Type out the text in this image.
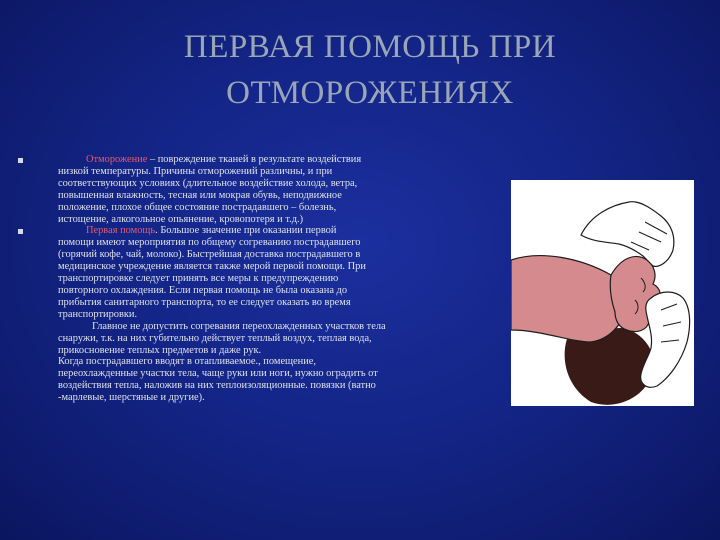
ПЕРВАЯ ПОМОЩЬ ПРИ
ОТМОРОЖЕНИЯХ
Отморожение – повреждение тканей в результате воздействия
низкой температуры. Причины отморожений различны, и при
соответствующих условиях (длительное воздействие холода, ветра,
повышенная влажность, тесная или мокрая обувь, неподвижное
положение, плохое общее состояние пострадавшего – болезнь,
истощение, алкогольное опьянение, кровопотеря и т.д.)
Первая помощь. Большое значение при оказании первой
помощи имеют мероприятия по общему согреванию пострадавшего
(горячий кофе, чай, молоко). Быстрейшая доставка пострадавшего в
медицинское учреждение является также мерой первой помощи. При
транспортировке следует принять все меры к предупреждению
повторного охлаждения. Если первая помощь не была оказана до
прибытия санитарного транспорта, то ее следует оказать во время
транспортировки.
Главное не допустить согревания переохлажденных участков тела
снаружи, т.к. на них губительно действует теплый воздух, теплая вода,
прикосновение теплых предметов и даже рук.
Когда пострадавшего вводят в отапливаемое., помещение,
переохлажденные участки тела, чаще руки или ноги, нужно оградить от
воздействия тепла, наложив на них теплоизоляционные. повязки (ватно
-марлевые, шерстяные и другие).
